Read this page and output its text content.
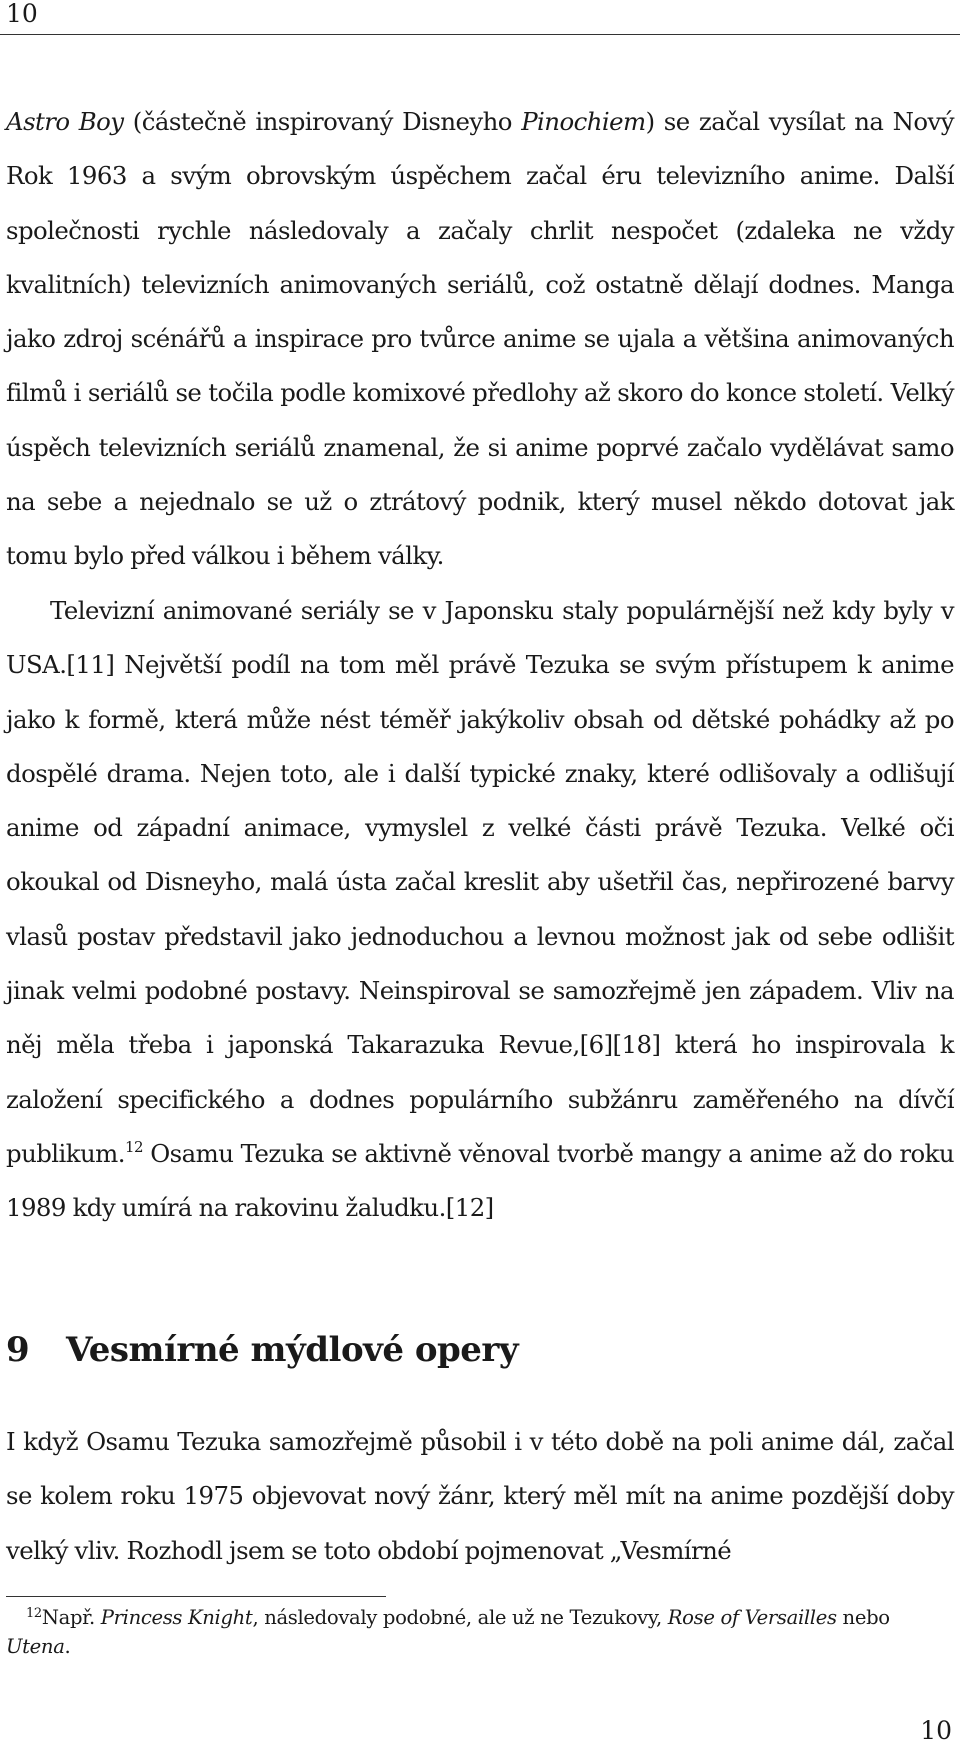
10

Astro Boy (částečně inspirovaný Disneyho Pinochiem) se začal vysílat na Nový Rok 1963 a svým obrovským úspěchem začal éru televizního anime. Další společnosti rychle následovaly a začaly chrlit nespočet (zdaleka ne vždy kvalitních) televizních animovaných seriálů, což ostatně dělají dodnes. Manga jako zdroj scénářů a inspirace pro tvůrce anime se ujala a většina animovaných filmů i seriálů se točila podle komixové předlohy až skoro do konce století. Velký úspěch televizních seriálů znamenal, že si anime poprvé začalo vydělávat samo na sebe a nejednalo se už o ztrátový podnik, který musel někdo dotovat jak tomu bylo před válkou i během války.

Televizní animované seriály se v Japonsku staly populárnější než kdy byly v USA.[11] Největší podíl na tom měl právě Tezuka se svým přístupem k anime jako k formě, která může nést téměř jakýkoliv obsah od dětské pohádky až po dospělé drama. Nejen toto, ale i další typické znaky, které odlišovaly a odlišují anime od západní animace, vymyslel z velké části právě Tezuka. Velké oči okoukal od Disneyho, malá ústa začal kreslit aby ušetřil čas, nepřirozené barvy vlasů postav představil jako jednoduchou a levnou možnost jak od sebe odlišit jinak velmi podobné postavy. Neinspiroval se samozřejmě jen západem. Vliv na něj měla třeba i japonská Takarazuka Revue,[6][18] která ho inspirovala k založení specifického a dodnes populárního subžánru zaměřeného na dívčí publikum.$^{12}$ Osamu Tezuka se aktivně věnoval tvorbě mangy a anime až do roku 1989 kdy umírá na rakovinu žaludku.[12]

9 Vesmírné mýdlové opery

I když Osamu Tezuka samozřejmě působil i v této době na poli anime dál, začal se kolem roku 1975 objevovat nový žánr, který měl mít na anime pozdější doby velký vliv. Rozhodl jsem se toto období pojmenovat „Vesmírné

$^{12}$Např. Princess Knight, následovaly podobné, ale už ne Tezukovy, Rose of Versailles nebo Utena.

10
